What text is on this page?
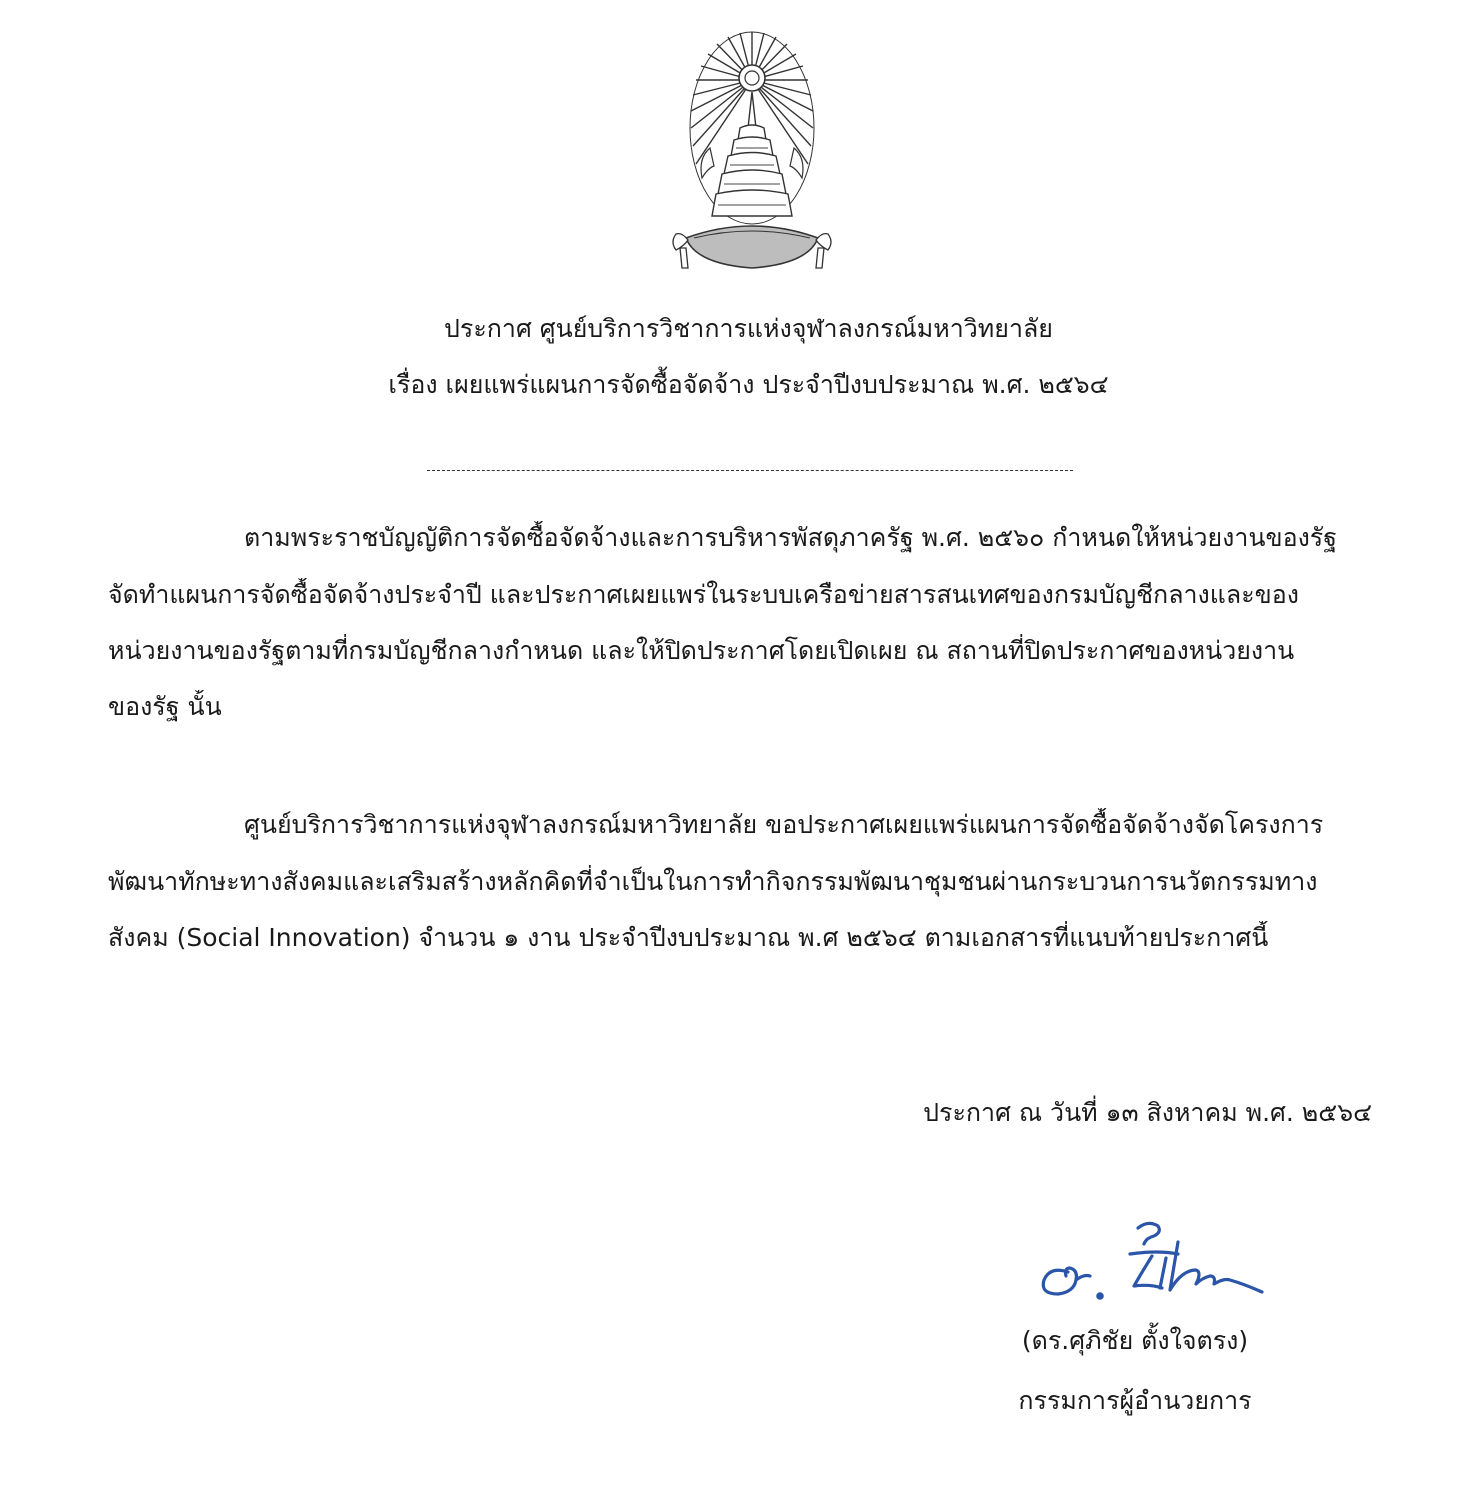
ประกาศ ศูนย์บริการวิชาการแห่งจุฬาลงกรณ์มหาวิทยาลัย
เรื่อง เผยแพร่แผนการจัดซื้อจัดจ้าง ประจำปีงบประมาณ พ.ศ. ๒๕๖๔
ตามพระราชบัญญัติการจัดซื้อจัดจ้างและการบริหารพัสดุภาครัฐ พ.ศ. ๒๕๖๐ กำหนดให้หน่วยงานของรัฐ
จัดทำแผนการจัดซื้อจัดจ้างประจำปี และประกาศเผยแพร่ในระบบเครือข่ายสารสนเทศของกรมบัญชีกลางและของ
หน่วยงานของรัฐตามที่กรมบัญชีกลางกำหนด และให้ปิดประกาศโดยเปิดเผย ณ สถานที่ปิดประกาศของหน่วยงาน
ของรัฐ นั้น
ศูนย์บริการวิชาการแห่งจุฬาลงกรณ์มหาวิทยาลัย ขอประกาศเผยแพร่แผนการจัดซื้อจัดจ้างจัดโครงการ
พัฒนาทักษะทางสังคมและเสริมสร้างหลักคิดที่จำเป็นในการทำกิจกรรมพัฒนาชุมชนผ่านกระบวนการนวัตกรรมทาง
สังคม (Social Innovation) จำนวน ๑ งาน ประจำปีงบประมาณ พ.ศ ๒๕๖๔ ตามเอกสารที่แนบท้ายประกาศนี้
ประกาศ ณ วันที่ ๑๓ สิงหาคม พ.ศ. ๒๕๖๔
(ดร.ศุภิชัย ตั้งใจตรง)
กรรมการผู้อำนวยการ
